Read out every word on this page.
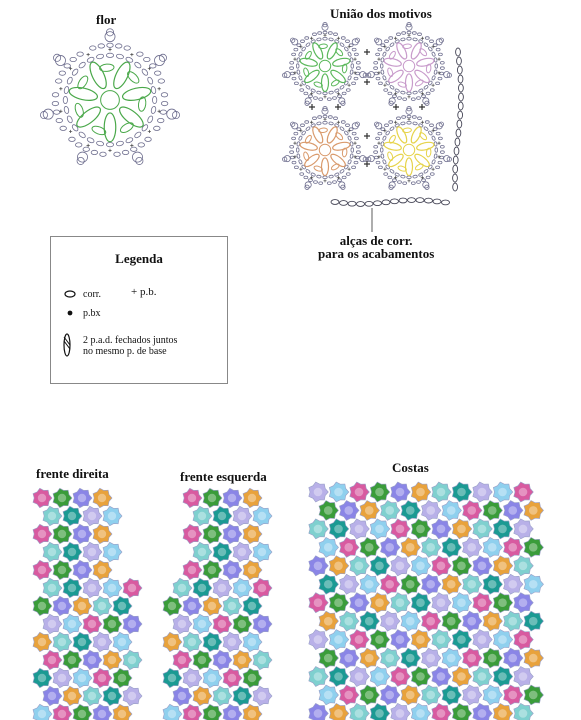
flor	União dos motivos
alças de corr.
para os acabamentos
Legenda
corr.	+ p.b.
p.bx
2 p.a.d. fechados juntos
no mesmo p. de base
frente direita	frente esquerda
Costas
